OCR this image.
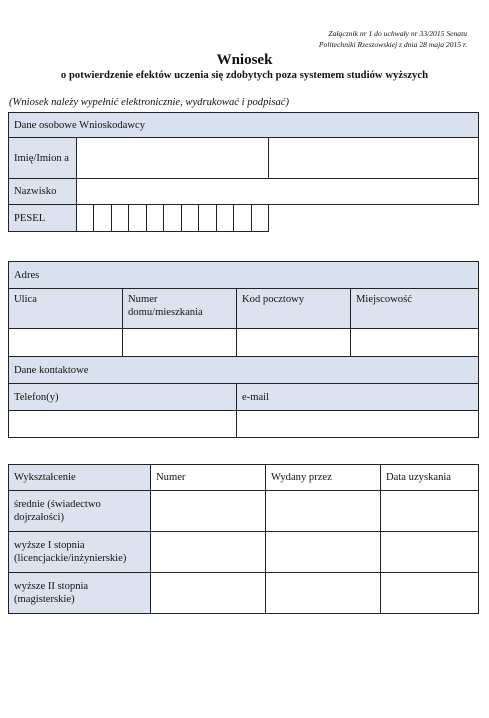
Załącznik nr 1 do uchwały nr 33/2015 Senatu
Politechniki Rzeszowskiej z dnia 28 maja 2015 r.
Wniosek
o potwierdzenie efektów uczenia się zdobytych poza systemem studiów wyższych
(Wniosek należy wypełnić elektronicznie, wydrukować i podpisać)
Dane osobowe Wnioskodawcy		
Imię/Imion a		
Nazwisko		
PESEL	

Adres			
Ulica	Numer domu/mieszkania	Kod pocztowy	Miejscowość

Dane kontaktowe			
Telefon(y)		e-mail	

Wykształcenie	Numer	Wydany przez	Data uzyskania
średnie (świadectwo dojrzałości)			
wyższe I stopnia (licencjackie/inżynierskie)			
wyższe II stopnia (magisterskie)			
